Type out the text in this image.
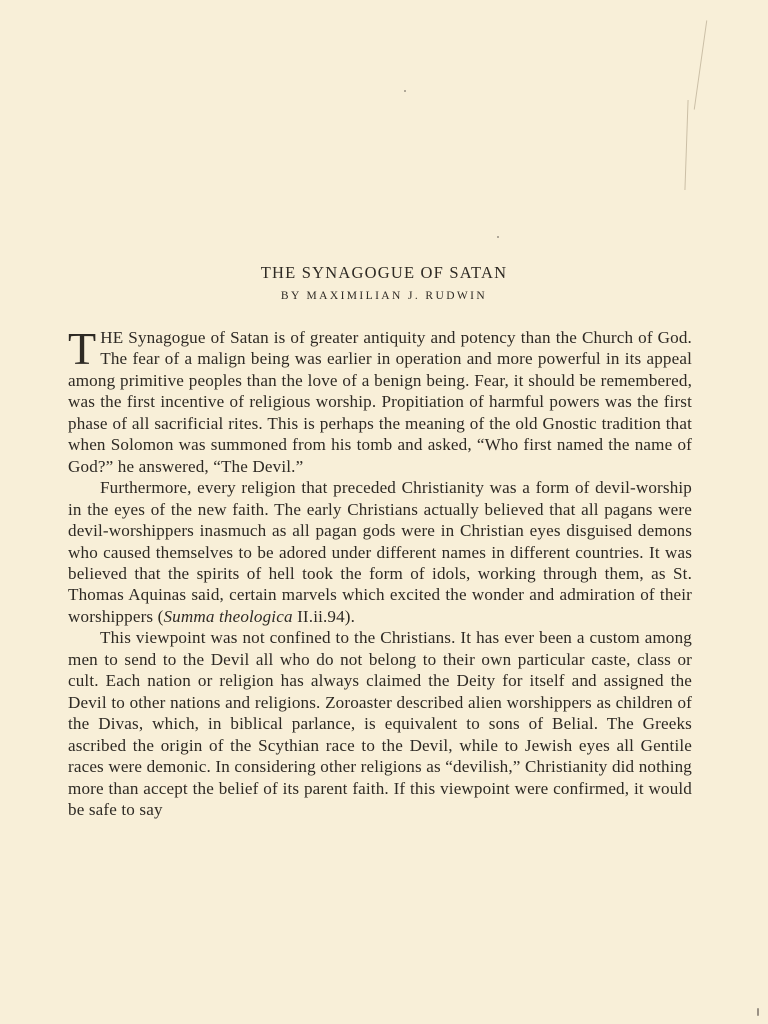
THE SYNAGOGUE OF SATAN
BY MAXIMILIAN J. RUDWIN

THE Synagogue of Satan is of greater antiquity and potency than the Church of God. The fear of a malign being was earlier in operation and more powerful in its appeal among primitive peoples than the love of a benign being. Fear, it should be remembered, was the first incentive of religious worship. Propitiation of harmful powers was the first phase of all sacrificial rites. This is perhaps the meaning of the old Gnostic tradition that when Solomon was summoned from his tomb and asked, “Who first named the name of God?” he answered, “The Devil.”

Furthermore, every religion that preceded Christianity was a form of devil-worship in the eyes of the new faith. The early Christians actually believed that all pagans were devil-worshippers inasmuch as all pagan gods were in Christian eyes disguised demons who caused themselves to be adored under different names in different countries. It was believed that the spirits of hell took the form of idols, working through them, as St. Thomas Aquinas said, certain marvels which excited the wonder and admiration of their worshippers (Summa theologica II.ii.94).

This viewpoint was not confined to the Christians. It has ever been a custom among men to send to the Devil all who do not belong to their own particular caste, class or cult. Each nation or religion has always claimed the Deity for itself and assigned the Devil to other nations and religions. Zoroaster described alien worshippers as children of the Divas, which, in biblical parlance, is equivalent to sons of Belial. The Greeks ascribed the origin of the Scythian race to the Devil, while to Jewish eyes all Gentile races were demonic. In considering other religions as “devilish,” Christianity did nothing more than accept the belief of its parent faith. If this viewpoint were confirmed, it would be safe to say
